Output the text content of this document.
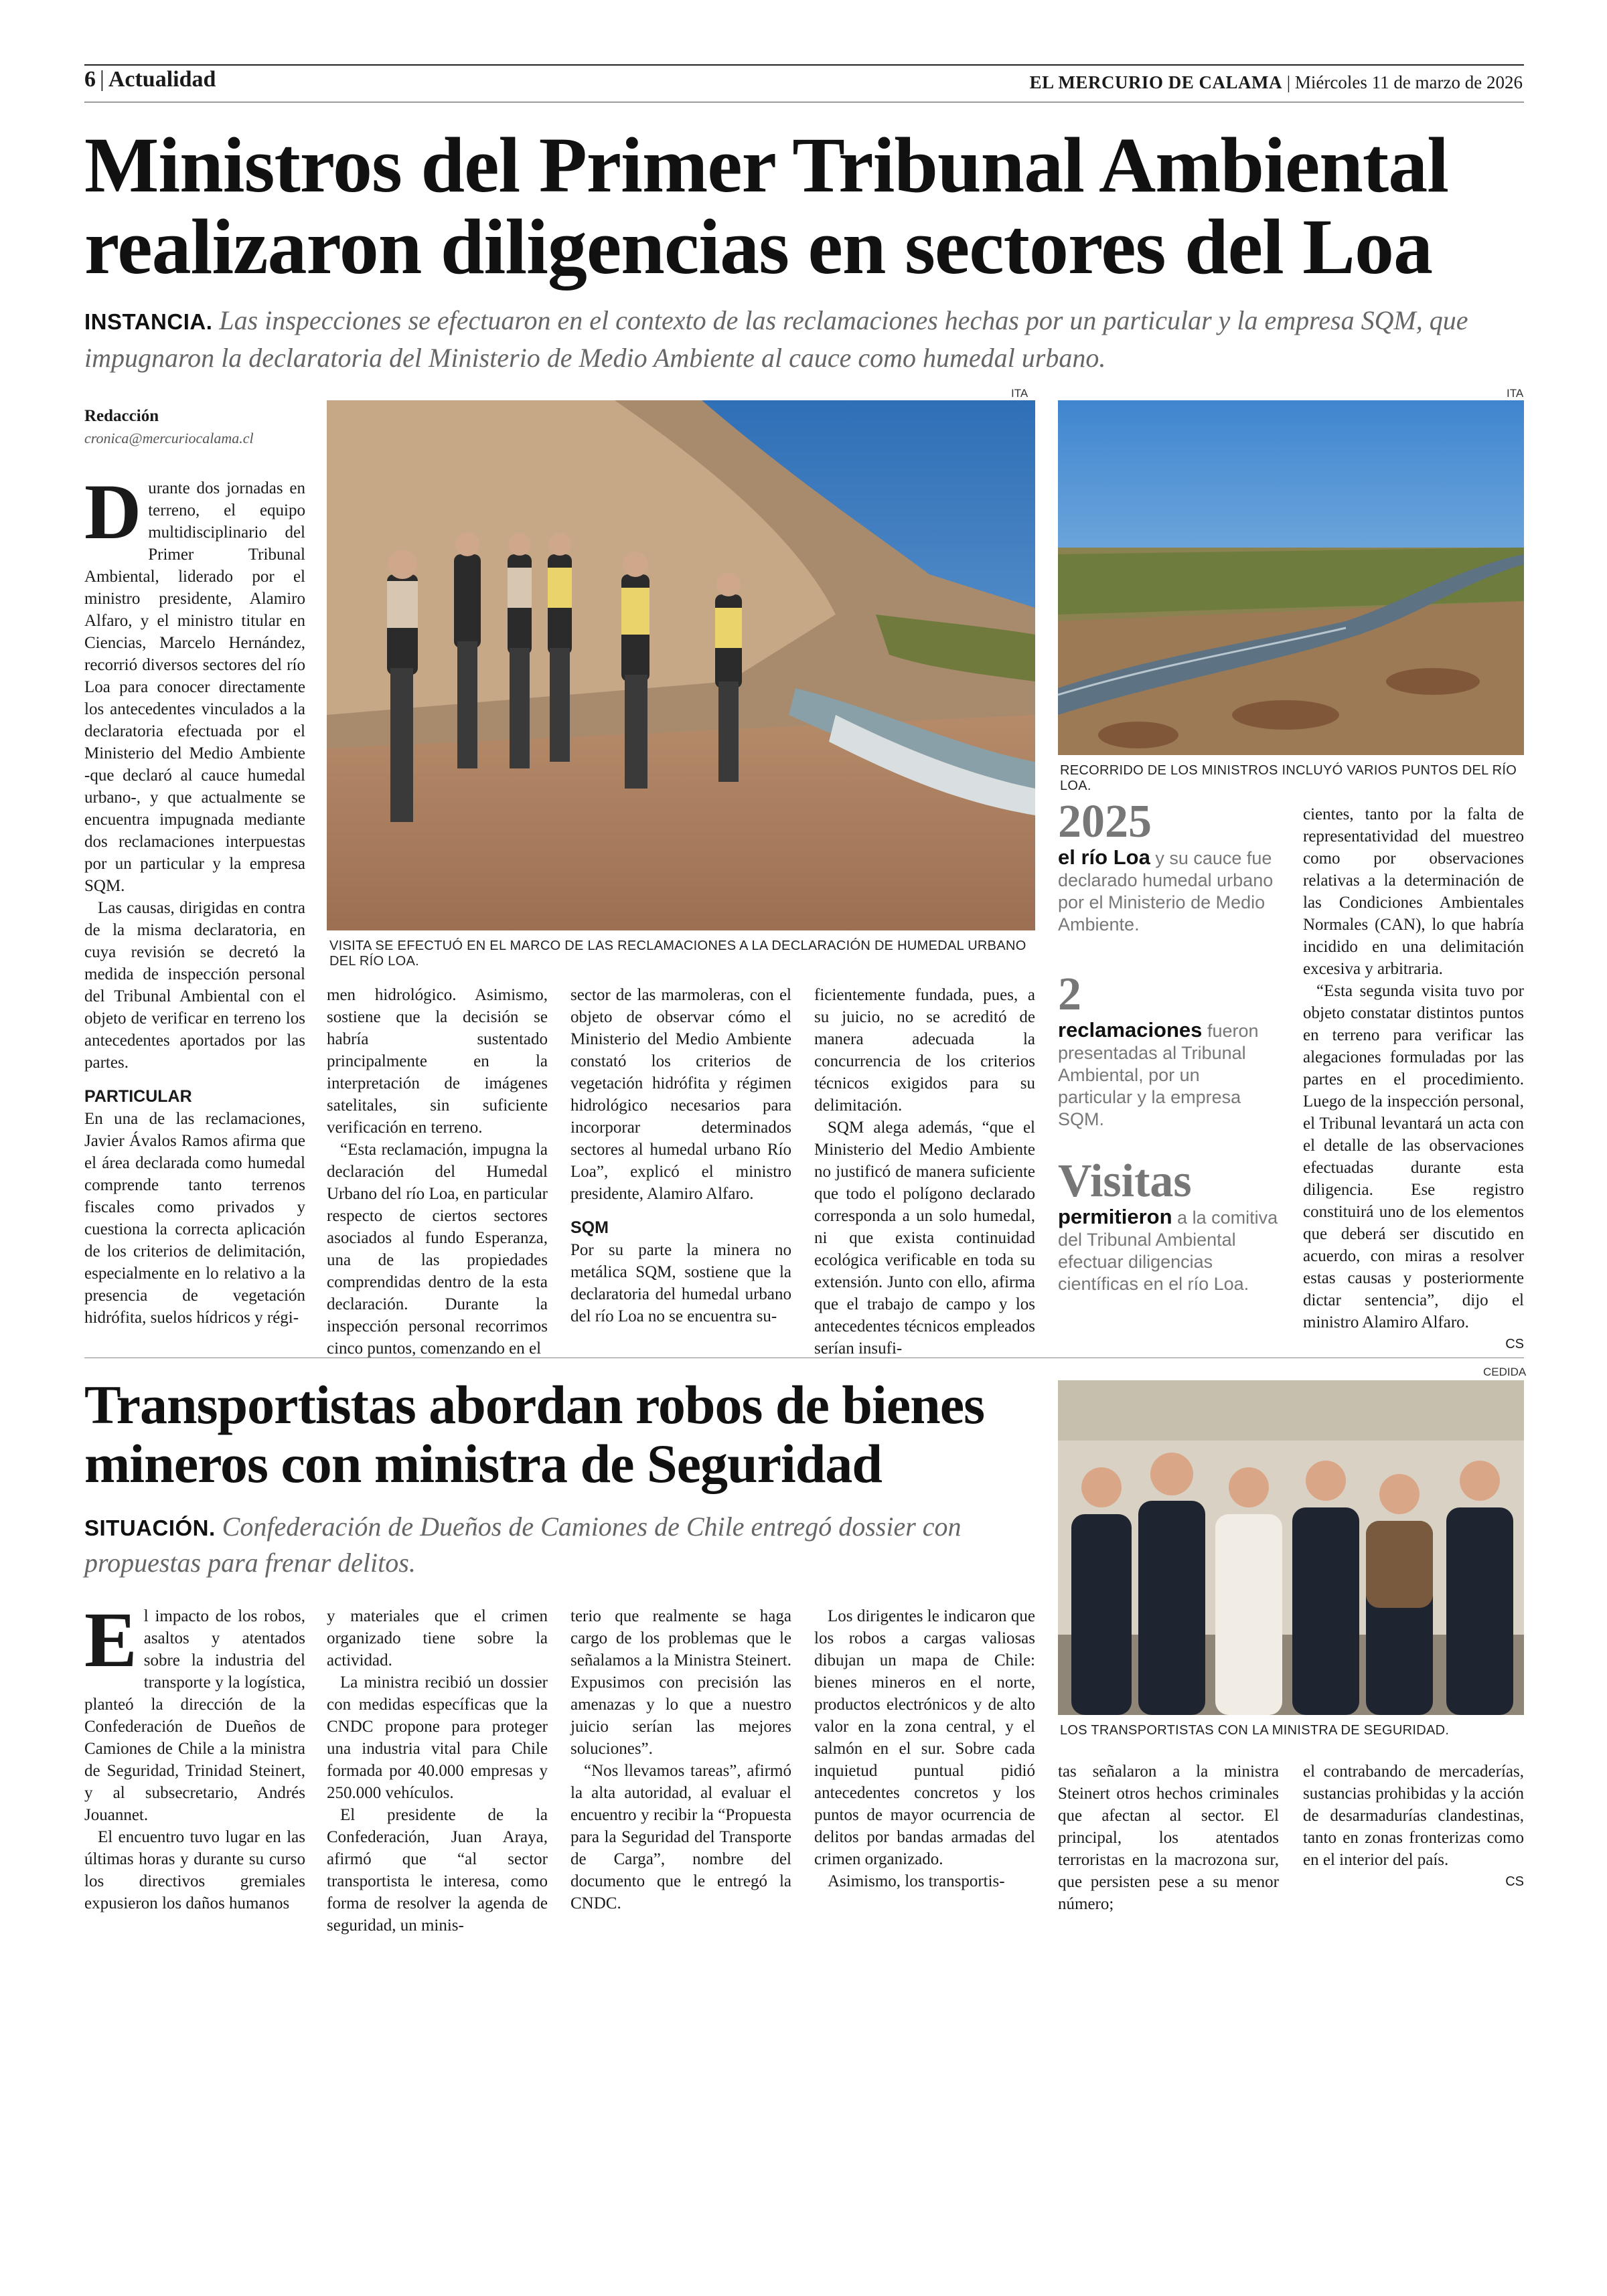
6 | Actualidad	EL MERCURIO DE CALAMA | Miércoles 11 de marzo de 2026
Ministros del Primer Tribunal Ambiental
realizaron diligencias en sectores del Loa
INSTANCIA. Las inspecciones se efectuaron en el contexto de las reclamaciones hechas por un particular y la empresa SQM, que impugnaron la declaratoria del Ministerio de Medio Ambiente al cauce como humedal urbano.
Redacción
cronica@mercuriocalama.cl

Durante dos jornadas en terreno, el equipo multidisciplinario del Primer Tribunal Ambiental, liderado por el ministro presidente, Alamiro Alfaro, y el ministro titular en Ciencias, Marcelo Hernández, recorrió diversos sectores del río Loa para conocer directamente los antecedentes vinculados a la declaratoria efectuada por el Ministerio del Medio Ambiente -que declaró al cauce humedal urbano-, y que actualmente se encuentra impugnada mediante dos reclamaciones interpuestas por un particular y la empresa SQM.

Las causas, dirigidas en contra de la misma declaratoria, en cuya revisión se decretó la medida de inspección personal del Tribunal Ambiental con el objeto de verificar en terreno los antecedentes aportados por las partes.

PARTICULAR

En una de las reclamaciones, Javier Ávalos Ramos afirma que el área declarada como humedal comprende tanto terrenos fiscales como privados y cuestiona la correcta aplicación de los criterios de delimitación, especialmente en lo relativo a la presencia de vegetación hidrófita, suelos hídricos y régi-

ITA
VISITA SE EFECTUÓ EN EL MARCO DE LAS RECLAMACIONES A LA DECLARACIÓN DE HUMEDAL URBANO DEL RÍO LOA.
ITA
RECORRIDO DE LOS MINISTROS INCLUYÓ VARIOS PUNTOS DEL RÍO LOA.

men hidrológico. Asimismo, sostiene que la decisión se habría sustentado principalmente en la interpretación de imágenes satelitales, sin suficiente verificación en terreno.

“Esta reclamación, impugna la declaración del Humedal Urbano del río Loa, en particular respecto de ciertos sectores asociados al fundo Esperanza, una de las propiedades comprendidas dentro de la esta declaración. Durante la inspección personal recorrimos cinco puntos, comenzando en el

sector de las marmoleras, con el objeto de observar cómo el Ministerio del Medio Ambiente constató los criterios de vegetación hidrófita y régimen hidrológico necesarios para incorporar determinados sectores al humedal urbano Río Loa”, explicó el ministro presidente, Alamiro Alfaro.

SQM

Por su parte la minera no metálica SQM, sostiene que la declaratoria del humedal urbano del río Loa no se encuentra su-

ficientemente fundada, pues, a su juicio, no se acreditó de manera adecuada la concurrencia de los criterios técnicos exigidos para su delimitación.

SQM alega además, “que el Ministerio del Medio Ambiente no justificó de manera suficiente que todo el polígono declarado corresponda a un solo humedal, ni que exista continuidad ecológica verificable en toda su extensión. Junto con ello, afirma que el trabajo de campo y los antecedentes técnicos empleados serían insufi-

2025
el río Loa y su cauce fue declarado humedal urbano por el Ministerio de Medio Ambiente.
2
reclamaciones fueron presentadas al Tribunal Ambiental, por un particular y la empresa SQM.
Visitas
permitieron a la comitiva del Tribunal Ambiental efectuar diligencias científicas en el río Loa.

cientes, tanto por la falta de representatividad del muestreo como por observaciones relativas a la determinación de las Condiciones Ambientales Normales (CAN), lo que habría incidido en una delimitación excesiva y arbitraria.

“Esta segunda visita tuvo por objeto constatar distintos puntos en terreno para verificar las alegaciones formuladas por las partes en el procedimiento. Luego de la inspección personal, el Tribunal levantará un acta con el detalle de las observaciones efectuadas durante esta diligencia. Ese registro constituirá uno de los elementos que deberá ser discutido en acuerdo, con miras a resolver estas causas y posteriormente dictar sentencia”, dijo el ministro Alamiro Alfaro.

CS
Transportistas abordan robos de bienes
mineros con ministra de Seguridad
SITUACIÓN. Confederación de Dueños de Camiones de Chile entregó dossier con propuestas para frenar delitos.
CEDIDA
LOS TRANSPORTISTAS CON LA MINISTRA DE SEGURIDAD.

El impacto de los robos, asaltos y atentados sobre la industria del transporte y la logística, planteó la dirección de la Confederación de Dueños de Camiones de Chile a la ministra de Seguridad, Trinidad Steinert, y al subsecretario, Andrés Jouannet.

El encuentro tuvo lugar en las últimas horas y durante su curso los directivos gremiales expusieron los daños humanos

y materiales que el crimen organizado tiene sobre la actividad.

La ministra recibió un dossier con medidas específicas que la CNDC propone para proteger una industria vital para Chile formada por 40.000 empresas y 250.000 vehículos.

El presidente de la Confederación, Juan Araya, afirmó que “al sector transportista le interesa, como forma de resolver la agenda de seguridad, un minis-

terio que realmente se haga cargo de los problemas que le señalamos a la Ministra Steinert. Expusimos con precisión las amenazas y lo que a nuestro juicio serían las mejores soluciones”.

“Nos llevamos tareas”, afirmó la alta autoridad, al evaluar el encuentro y recibir la “Propuesta para la Seguridad del Transporte de Carga”, nombre del documento que le entregó la CNDC.

Los dirigentes le indicaron que los robos a cargas valiosas dibujan un mapa de Chile: bienes mineros en el norte, productos electrónicos y de alto valor en la zona central, y el salmón en el sur. Sobre cada inquietud puntual pidió antecedentes concretos y los puntos de mayor ocurrencia de delitos por bandas armadas del crimen organizado.

Asimismo, los transportis-

tas señalaron a la ministra Steinert otros hechos criminales que afectan al sector. El principal, los atentados terroristas en la macrozona sur, que persisten pese a su menor número;

el contrabando de mercaderías, sustancias prohibidas y la acción de desarmadurías clandestinas, tanto en zonas fronterizas como en el interior del país.

CS
